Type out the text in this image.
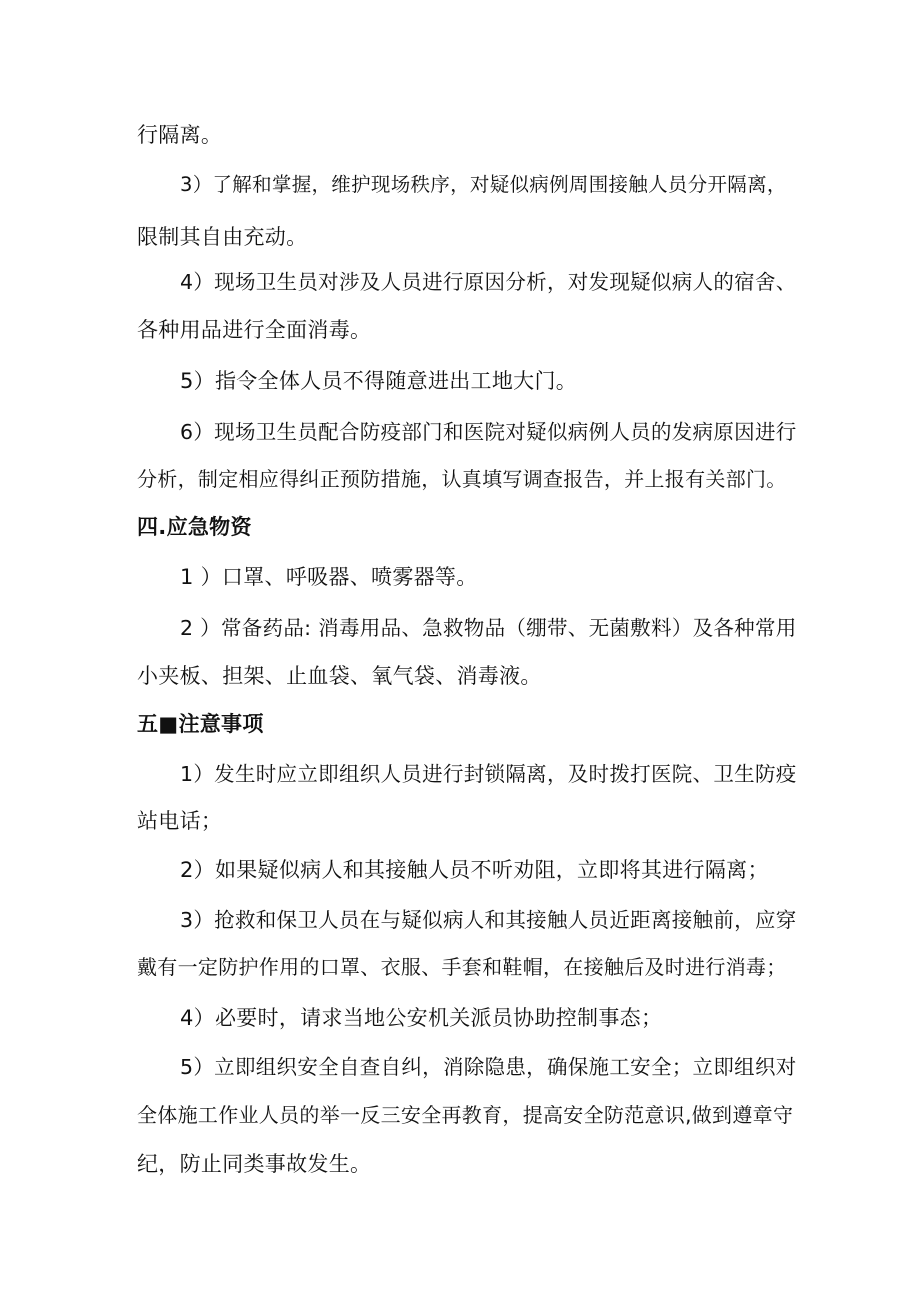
行隔离。

3）了解和掌握，维护现场秩序，对疑似病例周围接触人员分开隔离，

限制其自由充动。

4）现场卫生员对涉及人员进行原因分析，对发现疑似病人的宿舍、

各种用品进行全面消毒。

5）指令全体人员不得随意进出工地大门。

6）现场卫生员配合防疫部门和医院对疑似病例人员的发病原因进行

分析，制定相应得纠正预防措施，认真填写调查报告，并上报有关部门。

四.应急物资

1 ）口罩、呼吸器、喷雾器等。

2 ）常备药品: 消毒用品、急救物品（绷带、无菌敷料）及各种常用

小夹板、担架、止血袋、氧气袋、消毒液。

五■注意事项

1）发生时应立即组织人员进行封锁隔离，及时拨打医院、卫生防疫

站电话；

2）如果疑似病人和其接触人员不听劝阻，立即将其进行隔离；

3）抢救和保卫人员在与疑似病人和其接触人员近距离接触前，应穿

戴有一定防护作用的口罩、衣服、手套和鞋帽，在接触后及时进行消毒；

4）必要时，请求当地公安机关派员协助控制事态；

5）立即组织安全自查自纠，消除隐患，确保施工安全；立即组织对

全体施工作业人员的举一反三安全再教育，提高安全防范意识,做到遵章守

纪，防止同类事故发生。
